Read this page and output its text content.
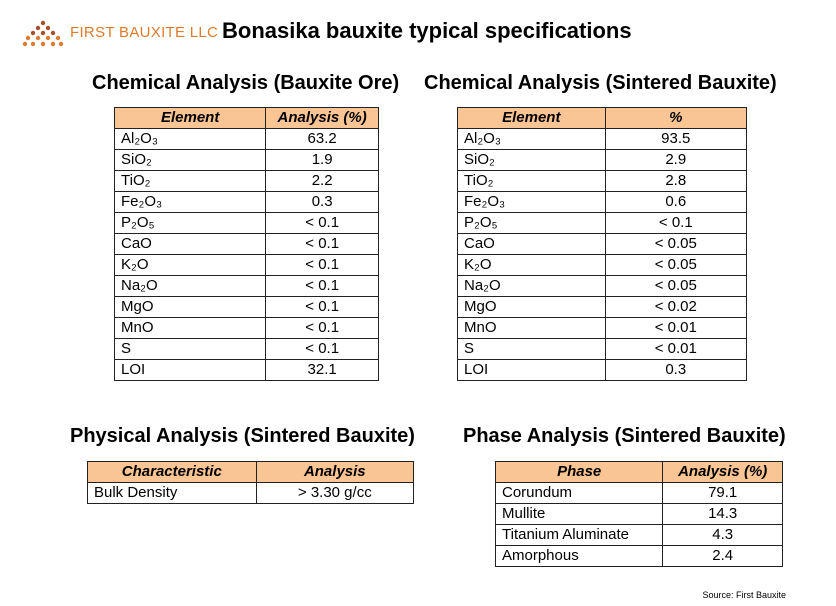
FIRST BAUXITE LLC Bonasika bauxite typical specifications
Chemical Analysis (Bauxite Ore)
Element	Analysis (%)
Al₂O₃	63.2
SiO₂	1.9
TiO₂	2.2
Fe₂O₃	0.3
P₂O₅	< 0.1
CaO	< 0.1
K₂O	< 0.1
Na₂O	< 0.1
MgO	< 0.1
MnO	< 0.1
S	< 0.1
LOI	32.1
Chemical Analysis (Sintered Bauxite)
Element	%
Al₂O₃	93.5
SiO₂	2.9
TiO₂	2.8
Fe₂O₃	0.6
P₂O₅	< 0.1
CaO	< 0.05
K₂O	< 0.05
Na₂O	< 0.05
MgO	< 0.02
MnO	< 0.01
S	< 0.01
LOI	0.3
Physical Analysis (Sintered Bauxite)
Characteristic	Analysis
Bulk Density	> 3.30 g/cc
Phase Analysis (Sintered Bauxite)
Phase	Analysis (%)
Corundum	79.1
Mullite	14.3
Titanium Aluminate	4.3
Amorphous	2.4
Source: First Bauxite
